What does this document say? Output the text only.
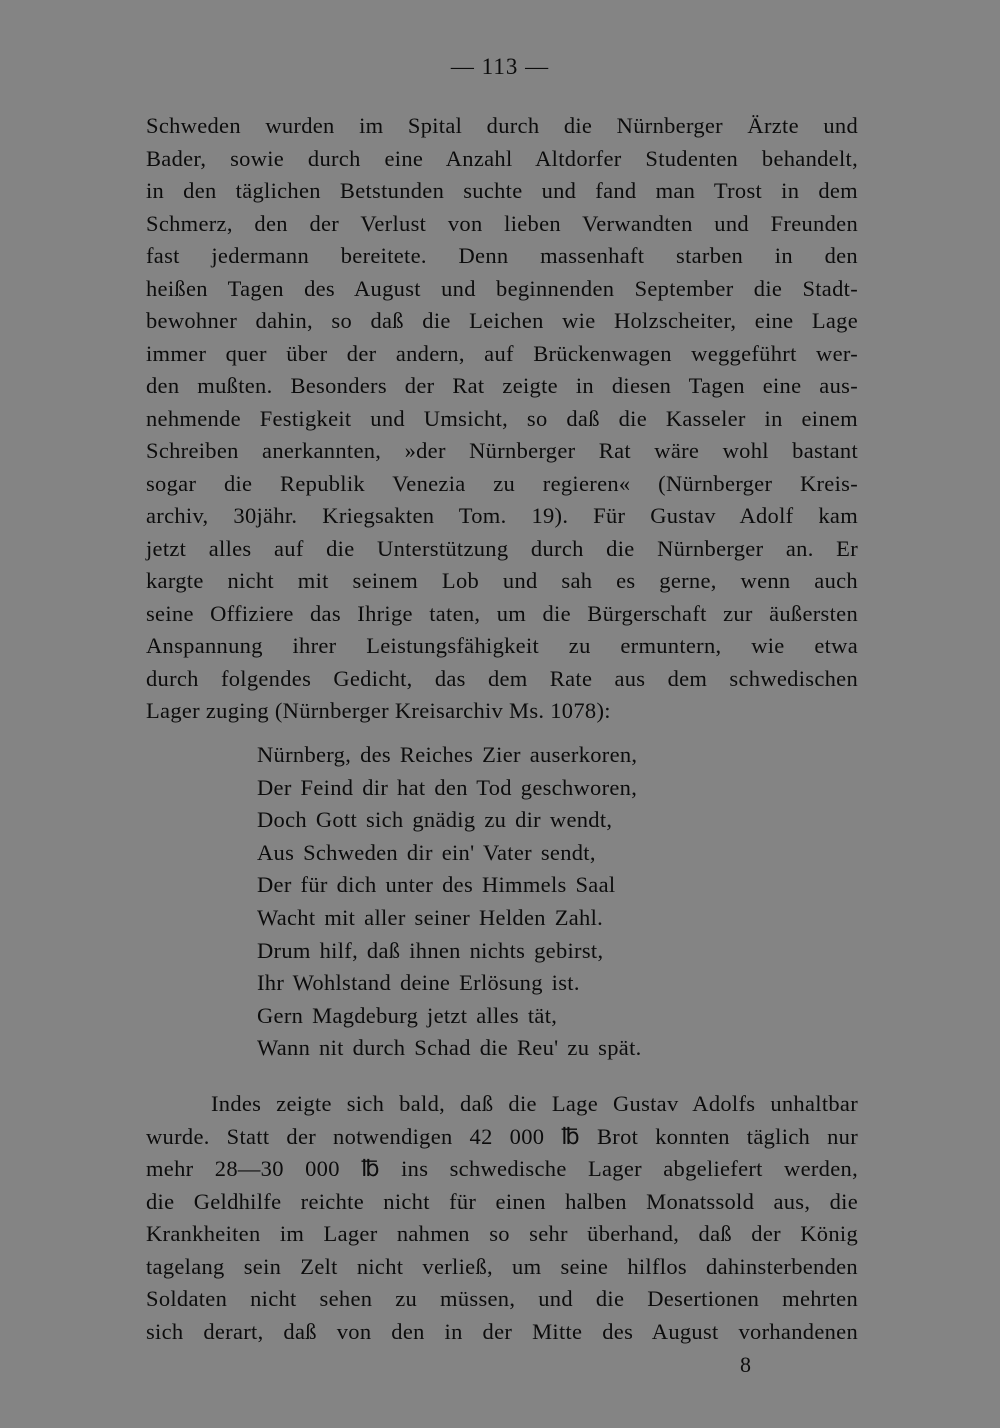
— 113 —
Schweden wurden im Spital durch die Nürnberger Ärzte und
Bader, sowie durch eine Anzahl Altdorfer Studenten behandelt,
in den täglichen Betstunden suchte und fand man Trost in dem
Schmerz, den der Verlust von lieben Verwandten und Freunden
fast jedermann bereitete. Denn massenhaft starben in den
heißen Tagen des August und beginnenden September die Stadt-
bewohner dahin, so daß die Leichen wie Holzscheiter, eine Lage
immer quer über der andern, auf Brückenwagen weggeführt wer-
den mußten. Besonders der Rat zeigte in diesen Tagen eine aus-
nehmende Festigkeit und Umsicht, so daß die Kasseler in einem
Schreiben anerkannten, »der Nürnberger Rat wäre wohl bastant
sogar die Republik Venezia zu regieren« (Nürnberger Kreis-
archiv, 30jähr. Kriegsakten Tom. 19). Für Gustav Adolf kam
jetzt alles auf die Unterstützung durch die Nürnberger an. Er
kargte nicht mit seinem Lob und sah es gerne, wenn auch
seine Offiziere das Ihrige taten, um die Bürgerschaft zur äußersten
Anspannung ihrer Leistungsfähigkeit zu ermuntern, wie etwa
durch folgendes Gedicht, das dem Rate aus dem schwedischen
Lager zuging (Nürnberger Kreisarchiv Ms. 1078):
Nürnberg, des Reiches Zier auserkoren,
Der Feind dir hat den Tod geschworen,
Doch Gott sich gnädig zu dir wendt,
Aus Schweden dir ein' Vater sendt,
Der für dich unter des Himmels Saal
Wacht mit aller seiner Helden Zahl.
Drum hilf, daß ihnen nichts gebirst,
Ihr Wohlstand deine Erlösung ist.
Gern Magdeburg jetzt alles tät,
Wann nit durch Schad die Reu' zu spät.
Indes zeigte sich bald, daß die Lage Gustav Adolfs unhaltbar
wurde. Statt der notwendigen 42 000 ℔ Brot konnten täglich nur
mehr 28—30 000 ℔ ins schwedische Lager abgeliefert werden,
die Geldhilfe reichte nicht für einen halben Monatssold aus, die
Krankheiten im Lager nahmen so sehr überhand, daß der König
tagelang sein Zelt nicht verließ, um seine hilflos dahinsterbenden
Soldaten nicht sehen zu müssen, und die Desertionen mehrten
sich derart, daß von den in der Mitte des August vorhandenen
8
